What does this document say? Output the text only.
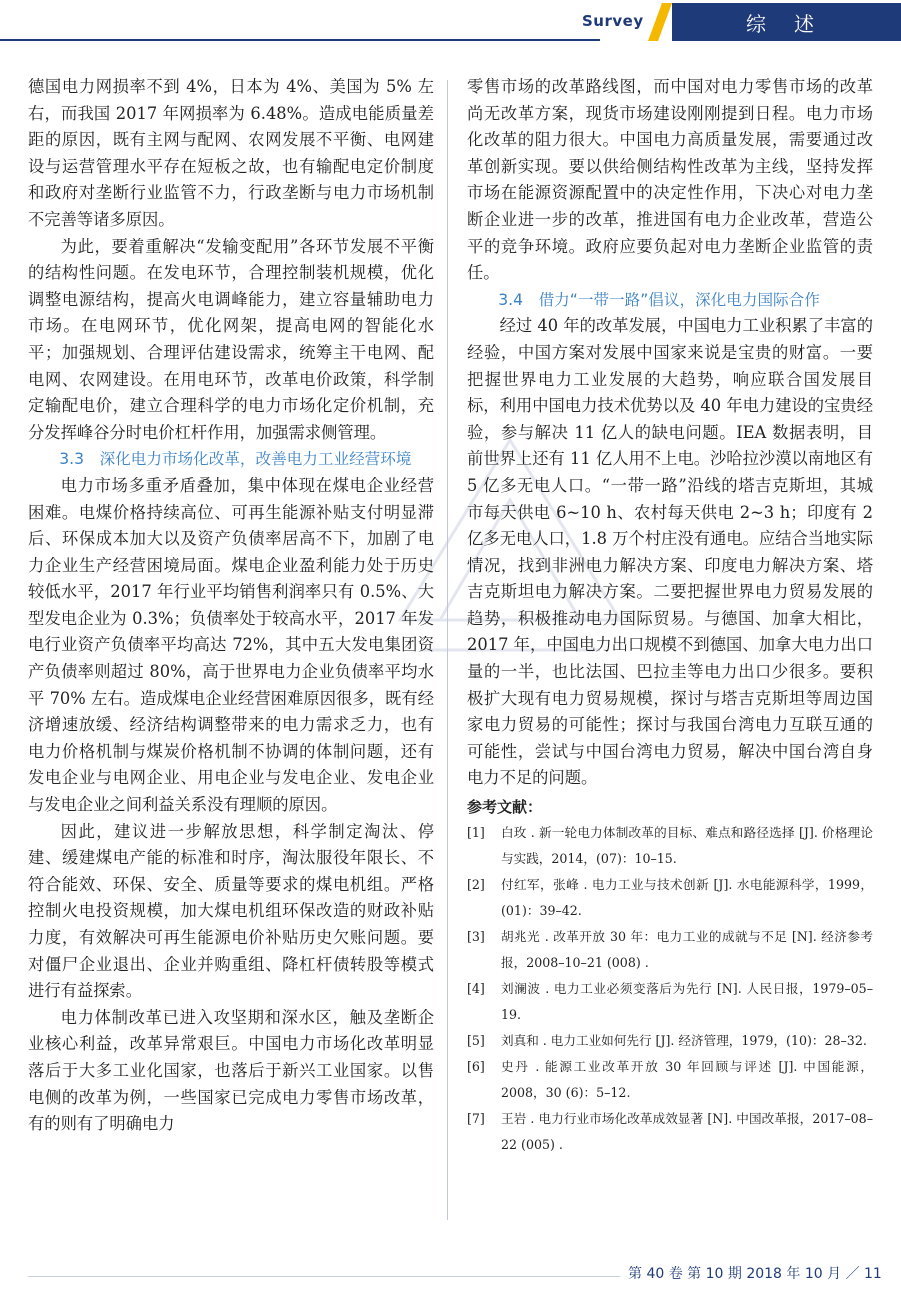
Survey	综述

德国电力网损率不到 4%，日本为 4%、美国为 5% 左右，而我国 2017 年网损率为 6.48%。造成电能质量差距的原因，既有主网与配网、农网发展不平衡、电网建设与运营管理水平存在短板之故，也有输配电定价制度和政府对垄断行业监管不力，行政垄断与电力市场机制不完善等诸多原因。

为此，要着重解决“发输变配用”各环节发展不平衡的结构性问题。在发电环节，合理控制装机规模，优化调整电源结构，提高火电调峰能力，建立容量辅助电力市场。在电网环节，优化网架，提高电网的智能化水平；加强规划、合理评估建设需求，统筹主干电网、配电网、农网建设。在用电环节，改革电价政策，科学制定输配电价，建立合理科学的电力市场化定价机制，充分发挥峰谷分时电价杠杆作用，加强需求侧管理。

3.3　深化电力市场化改革，改善电力工业经营环境

电力市场多重矛盾叠加，集中体现在煤电企业经营困难。电煤价格持续高位、可再生能源补贴支付明显滞后、环保成本加大以及资产负债率居高不下，加剧了电力企业生产经营困境局面。煤电企业盈利能力处于历史较低水平，2017 年行业平均销售利润率只有 0.5%、大型发电企业为 0.3%；负债率处于较高水平，2017 年发电行业资产负债率平均高达 72%，其中五大发电集团资产负债率则超过 80%，高于世界电力企业负债率平均水平 70% 左右。造成煤电企业经营困难原因很多，既有经济增速放缓、经济结构调整带来的电力需求乏力，也有电力价格机制与煤炭价格机制不协调的体制问题，还有发电企业与电网企业、用电企业与发电企业、发电企业与发电企业之间利益关系没有理顺的原因。

因此，建议进一步解放思想，科学制定淘汰、停建、缓建煤电产能的标准和时序，淘汰服役年限长、不符合能效、环保、安全、质量等要求的煤电机组。严格控制火电投资规模，加大煤电机组环保改造的财政补贴力度，有效解决可再生能源电价补贴历史欠账问题。要对僵尸企业退出、企业并购重组、降杠杆债转股等模式进行有益探索。

电力体制改革已进入攻坚期和深水区，触及垄断企业核心利益，改革异常艰巨。中国电力市场化改革明显落后于大多工业化国家，也落后于新兴工业国家。以售电侧的改革为例，一些国家已完成电力零售市场改革，有的则有了明确电力

零售市场的改革路线图，而中国对电力零售市场的改革尚无改革方案，现货市场建设刚刚提到日程。电力市场化改革的阻力很大。中国电力高质量发展，需要通过改革创新实现。要以供给侧结构性改革为主线，坚持发挥市场在能源资源配置中的决定性作用，下决心对电力垄断企业进一步的改革，推进国有电力企业改革，营造公平的竞争环境。政府应要负起对电力垄断企业监管的责任。

3.4　借力“一带一路”倡议，深化电力国际合作

经过 40 年的改革发展，中国电力工业积累了丰富的经验，中国方案对发展中国家来说是宝贵的财富。一要把握世界电力工业发展的大趋势，响应联合国发展目标，利用中国电力技术优势以及 40 年电力建设的宝贵经验，参与解决 11 亿人的缺电问题。IEA 数据表明，目前世界上还有 11 亿人用不上电。沙哈拉沙漠以南地区有 5 亿多无电人口。“一带一路”沿线的塔吉克斯坦，其城市每天供电 6~10 h、农村每天供电 2~3 h；印度有 2 亿多无电人口，1.8 万个村庄没有通电。应结合当地实际情况，找到非洲电力解决方案、印度电力解决方案、塔吉克斯坦电力解决方案。二要把握世界电力贸易发展的趋势，积极推动电力国际贸易。与德国、加拿大相比，2017 年，中国电力出口规模不到德国、加拿大电力出口量的一半，也比法国、巴拉圭等电力出口少很多。要积极扩大现有电力贸易规模，探讨与塔吉克斯坦等周边国家电力贸易的可能性；探讨与我国台湾电力互联互通的可能性，尝试与中国台湾电力贸易，解决中国台湾自身电力不足的问题。

参考文献：
[1]	白玫 . 新一轮电力体制改革的目标、难点和路径选择 [J]. 价格理论与实践，2014，(07)：10–15.
[2]	付红军，张峰 . 电力工业与技术创新 [J]. 水电能源科学，1999，(01)：39–42.
[3]	胡兆光 . 改革开放 30 年：电力工业的成就与不足 [N]. 经济参考报，2008–10–21 (008) .
[4]	刘澜波 . 电力工业必须变落后为先行 [N]. 人民日报，1979–05–19.
[5]	刘真和 . 电力工业如何先行 [J]. 经济管理，1979，(10)：28–32.
[6]	史丹 . 能源工业改革开放 30 年回顾与评述 [J]. 中国能源，2008，30 (6)：5–12.
[7]	王岩 . 电力行业市场化改革成效显著 [N]. 中国改革报，2017–08–22 (005) .
第 40 卷 第 10 期 2018 年 10 月 ／ 11
